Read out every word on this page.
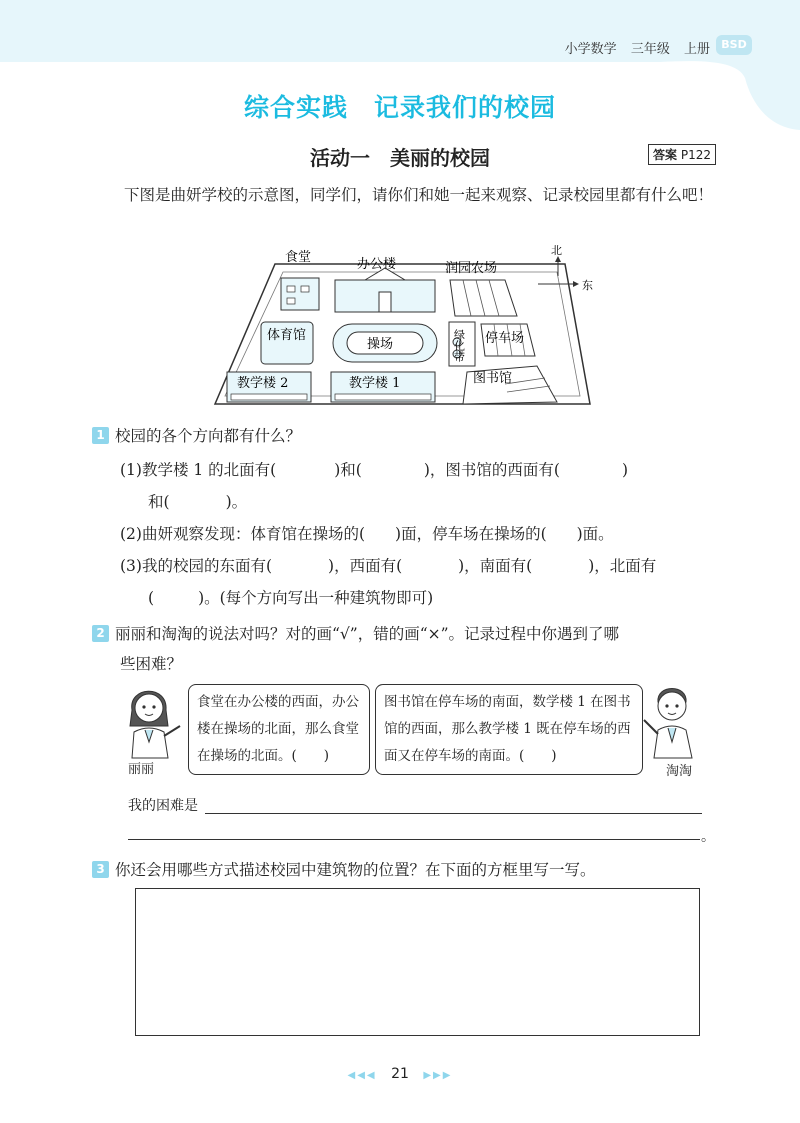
小学数学 三年级 上册	BSD
综合实践　记录我们的校园
活动一　美丽的校园	答案 P122
下图是曲妍学校的示意图，同学们，请你们和她一起来观察、记录校园里都有什么吧！
食堂	办公楼	润园农场
北
东
体育馆
操场	绿化带 停车场
图书馆
教学楼 2	教学楼 1
1 校园的各个方向都有什么？
(1)教学楼 1 的北面有(	)和(	)，图书馆的西面有(	)
和(	)。
(2)曲妍观察发现：体育馆在操场的( )面，停车场在操场的( )面。
(3)我的校园的东面有(	)，西面有(	)，南面有(	)，北面有
(	)。(每个方向写出一种建筑物即可)
2 丽丽和淘淘的说法对吗？对的画“√”，错的画“×”。记录过程中你遇到了哪
些困难？
丽丽
食堂在办公楼的西面，办公楼在操场的北面，那么食堂在操场的北面。(　　)
图书馆在停车场的南面，数学楼 1 在图书馆的西面，那么教学楼 1 既在停车场的西面又在停车场的南面。(　　)
淘淘
我的困难是
。
3 你还会用哪些方式描述校园中建筑物的位置？在下面的方框里写一写。
◀◀◀ 21 ▶▶▶
